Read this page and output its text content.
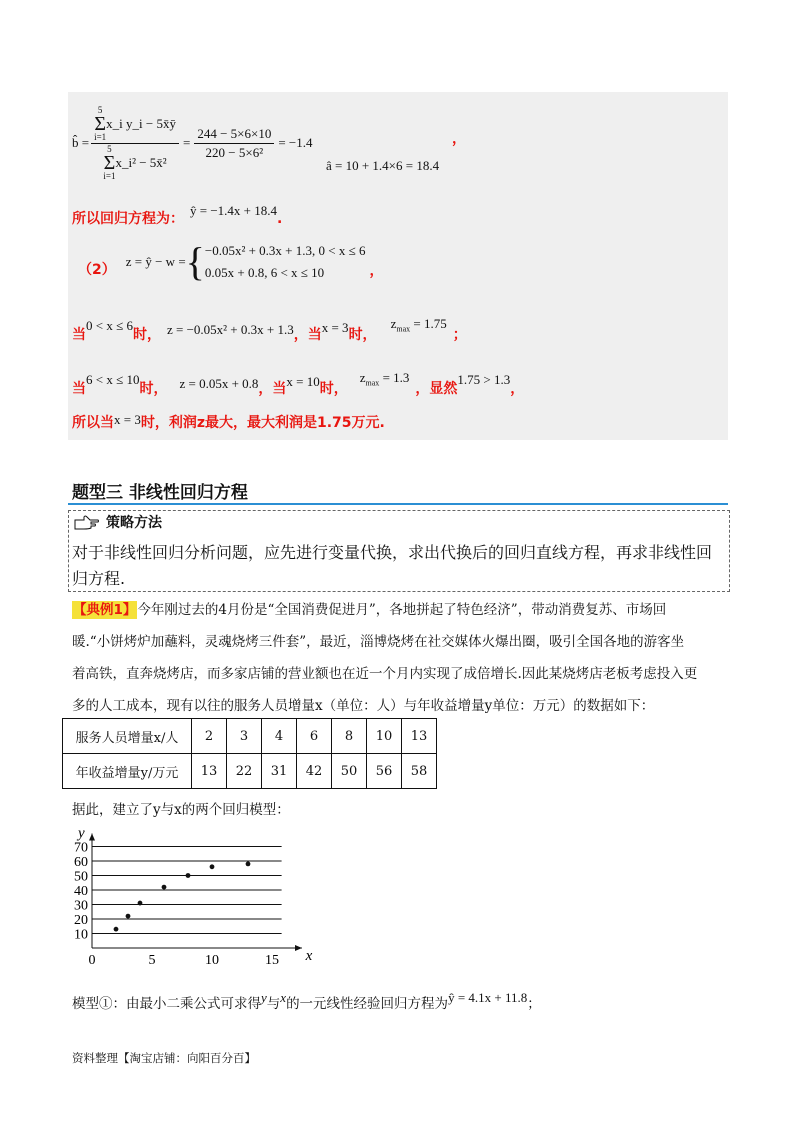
b̂ = 5
Σ
i=1
x_i y_i − 5x̄ȳ
5
Σ
i=1
x_i² − 5x̄² = $\frac{244 - 5\times 6\times 10}{\text{220 − 5×6²}} = -1.4$	，
â = 10 + 1.4×6 = 18.4
所以回归方程为：
ŷ = −1.4x + 18.4
.
（2）
z = ŷ − w = { −0.05x² + 0.3x + 1.3, 0 < x ≤ 6
0.05x + 0.8, 6 < x ≤ 10	，
当
0 < x ≤ 6
时， z = −0.05x² + 0.3x + 1.3 ，当 x = 3 时，
$z_{max} = 1.75$
；
当
6 < x ≤ 10
时， z = 0.05x + 0.8 ，当 x = 10 时，
$z_{max} = 1.3$
，显然
1.75 > 1.3
，
所以当 x = 3 时，利润z最大，最大利润是1.75万元.
题型三 非线性回归方程
策略方法
对于非线性回归分析问题，应先进行变量代换，求出代换后的回归直线方程，再求非线性回
归方程.
【典例1】今年刚过去的4月份是“全国消费促进月”，各地拼起了特色经济”，带动消费复苏、市场回
暖.“小饼烤炉加蘸料，灵魂烧烤三件套”，最近，淄博烧烤在社交媒体火爆出圈，吸引全国各地的游客坐
着高铁，直奔烧烤店，而多家店铺的营业额也在近一个月内实现了成倍增长.因此某烧烤店老板考虑投入更
多的人工成本，现有以往的服务人员增量x（单位：人）与年收益增量y单位：万元）的数据如下：
服务人员增量x/人	2	3	4	6	8	10	13
年收益增量y/万元	13	22	31	42	50	56	58
据此，建立了y与x的两个回归模型：
10
20
30
40
50
60
70
0	5	10	15 x
y
模型①：由最小二乘公式可求得 y 与 x 的一元线性经验回归方程为 ŷ = 4.1x + 11.8 ；
资料整理【淘宝店铺：向阳百分百】
